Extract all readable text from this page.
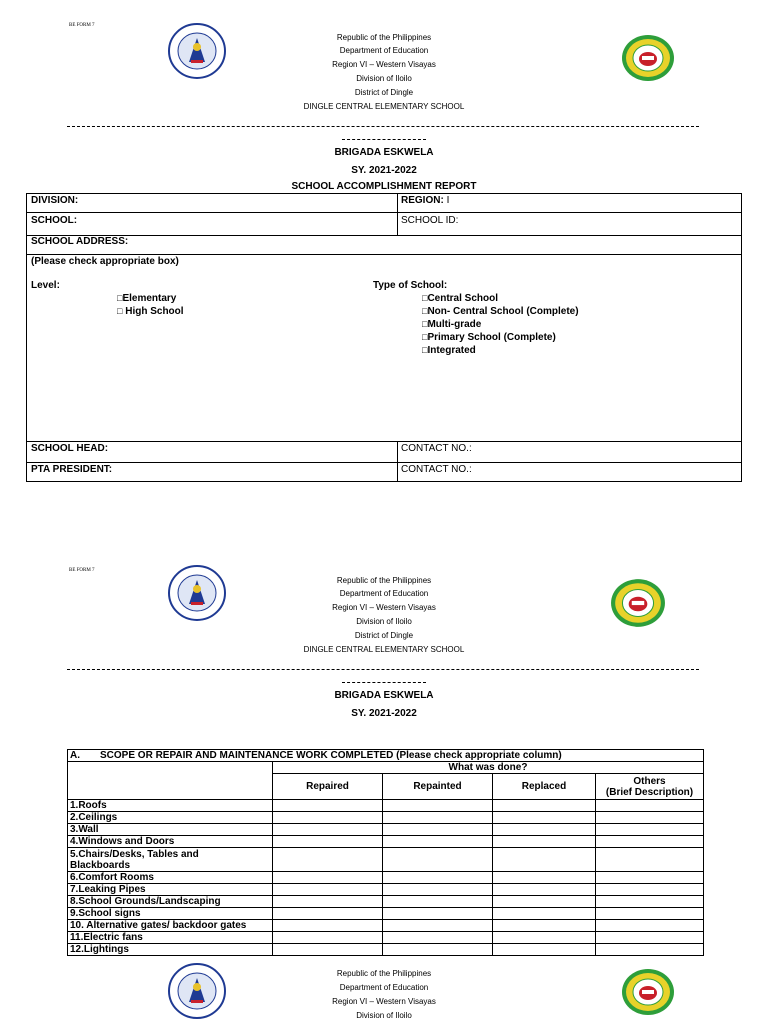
BE FORM 7
Republic of the Philippines
Department of Education
Region VI – Western Visayas
Division of Iloilo
District of Dingle
DINGLE CENTRAL ELEMENTARY SCHOOL
BRIGADA ESKWELA
SY. 2021-2022
SCHOOL ACCOMPLISHMENT REPORT
DIVISION:	REGION: I
SCHOOL:	SCHOOL ID:
SCHOOL ADDRESS:
(Please check appropriate box)
Level:
□Elementary
□ High School
Type of School:
□Central School
□Non- Central School (Complete)
□Multi-grade
□Primary School (Complete)
□Integrated
SCHOOL HEAD:	CONTACT NO.:
PTA PRESIDENT:	CONTACT NO.:
BE FORM 7
Republic of the Philippines
Department of Education
Region VI – Western Visayas
Division of Iloilo
District of Dingle
DINGLE CENTRAL ELEMENTARY SCHOOL
BRIGADA ESKWELA
SY. 2021-2022
A. SCOPE OR REPAIR AND MAINTENANCE WORK COMPLETED (Please check appropriate column)				
	What was done?			
	Repaired	Repainted	Replaced	Others
(Brief Description)
1.Roofs				
2.Ceilings				
3.Wall				
4.Windows and Doors				
5.Chairs/Desks, Tables and
Blackboards				
6.Comfort Rooms				
7.Leaking Pipes				
8.School Grounds/Landscaping				
9.School signs				
10. Alternative gates/ backdoor gates				
11.Electric fans				
12.Lightings				
Republic of the Philippines
Department of Education
Region VI – Western Visayas
Division of Iloilo
